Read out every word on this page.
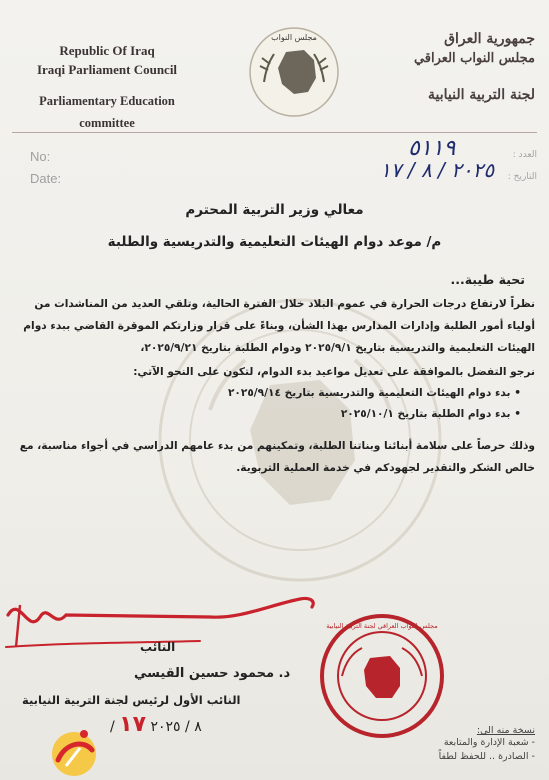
Republic Of Iraq
Iraqi Parliament Council
Parliamentary Education committee
مجلس النواب	جمهورية العراق
مجلس النواب العراقي
لجنة التربية النيابية
No:
Date:
العدد :
التاريخ :
٥١١٩
٢٠٢٥ / ٨ / ١٧
معالي وزير التربية المحترم
م/ موعد دوام الهيئات التعليمية والتدريسية والطلبة
تحية طيبة...
نظراً لارتفاع درجات الحرارة في عموم البلاد خلال الفترة الحالية، وتلقي العديد من المناشدات من أولياء أمور الطلبة وإدارات المدارس بهذا الشأن، وبناءً على قرار وزارتكم الموقرة القاضي ببدء دوام الهيئات التعليمية والتدريسية بتاريخ ٢٠٢٥/٩/١ ودوام الطلبة بتاريخ ٢٠٢٥/٩/٢١،
نرجو التفضل بالموافقة على تعديل مواعيد بدء الدوام، لتكون على النحو الآتي:
• بدء دوام الهيئات التعليمية والتدريسية بتاريخ ٢٠٢٥/٩/١٤
• بدء دوام الطلبة بتاريخ ٢٠٢٥/١٠/١
وذلك حرصاً على سلامة أبنائنا وبناتنا الطلبة، وتمكينهم من بدء عامهم الدراسي في أجواء مناسبة، مع خالص الشكر والتقدير لجهودكم في خدمة العملية التربوية.
النائب
د. محمود حسين القيسي
النائب الأول لرئيس لجنة التربية النيابية
/ ٨ / ٢٠٢٥ ١٧
مجلس النواب العراقي لجنة التربية النيابية
نسخة منه الى:
- شعبة الإدارة والمتابعة
- الصادرة .. للحفظ لطفاً
